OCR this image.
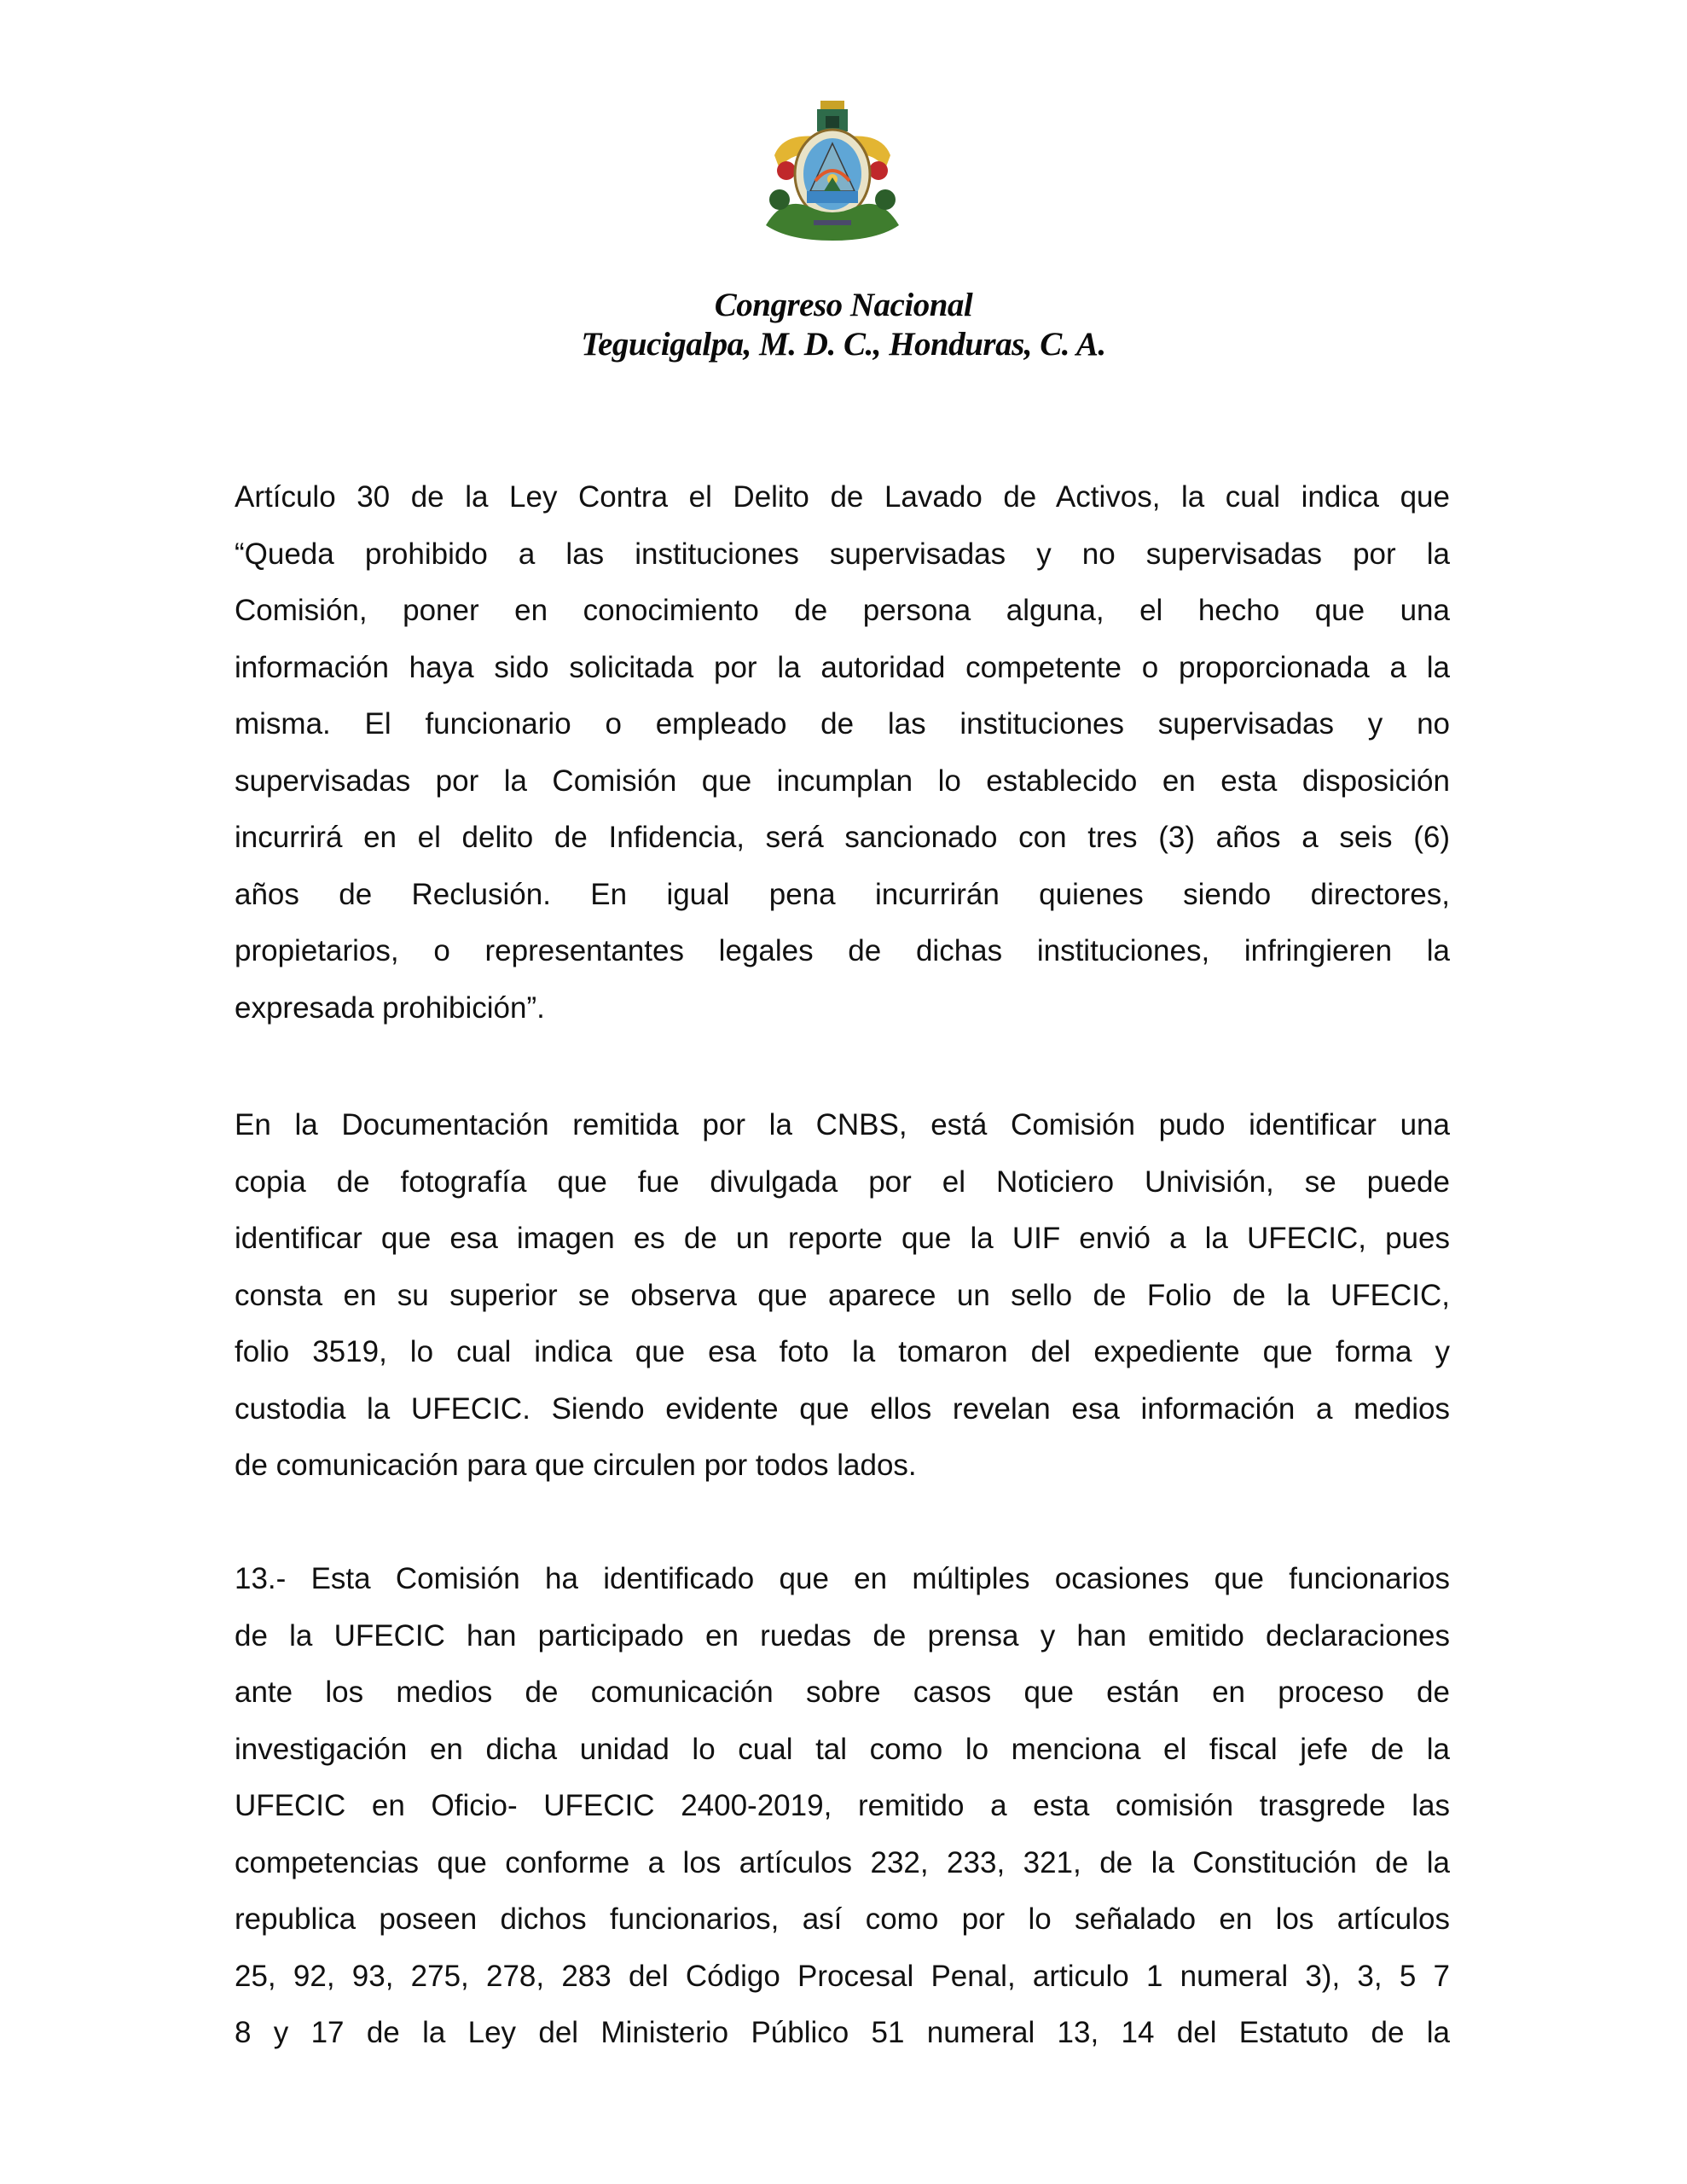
Congreso Nacional
Tegucigalpa, M. D. C., Honduras, C. A.
Artículo 30 de la Ley Contra el Delito de Lavado de Activos, la cual indica que
“Queda prohibido a las instituciones supervisadas y no supervisadas por la
Comisión, poner en conocimiento de persona alguna, el hecho que una
información haya sido solicitada por la autoridad competente o proporcionada a la
misma. El funcionario o empleado de las instituciones supervisadas y no
supervisadas por la Comisión que incumplan lo establecido en esta disposición
incurrirá en el delito de Infidencia, será sancionado con tres (3) años a seis (6)
años de Reclusión. En igual pena incurrirán quienes siendo directores,
propietarios, o representantes legales de dichas instituciones, infringieren la
expresada prohibición”.
En la Documentación remitida por la CNBS, está Comisión pudo identificar una
copia de fotografía que fue divulgada por el Noticiero Univisión, se puede
identificar que esa imagen es de un reporte que la UIF envió a la UFECIC, pues
consta en su superior se observa que aparece un sello de Folio de la UFECIC,
folio 3519, lo cual indica que esa foto la tomaron del expediente que forma y
custodia la UFECIC. Siendo evidente que ellos revelan esa información a medios
de comunicación para que circulen por todos lados.
13.- Esta Comisión ha identificado que en múltiples ocasiones que funcionarios
de la UFECIC han participado en ruedas de prensa y han emitido declaraciones
ante los medios de comunicación sobre casos que están en proceso de
investigación en dicha unidad lo cual tal como lo menciona el fiscal jefe de la
UFECIC en Oficio- UFECIC 2400-2019, remitido a esta comisión trasgrede las
competencias que conforme a los artículos 232, 233, 321, de la Constitución de la
republica poseen dichos funcionarios, así como por lo señalado en los artículos
25, 92, 93, 275, 278, 283 del Código Procesal Penal, articulo 1 numeral 3), 3, 5 7
8 y 17 de la Ley del Ministerio Público 51 numeral 13, 14 del Estatuto de la
